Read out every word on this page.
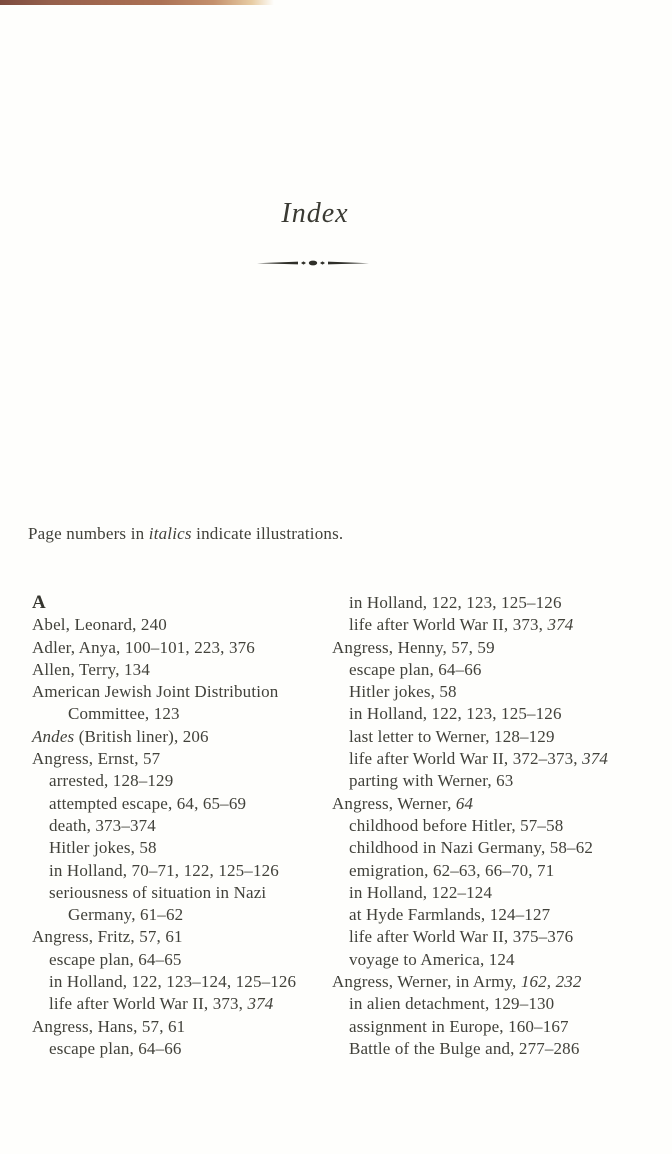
Index

Page numbers in italics indicate illustrations.

A
Abel, Leonard, 240
Adler, Anya, 100–101, 223, 376
Allen, Terry, 134
American Jewish Joint Distribution
Committee, 123
Andes (British liner), 206
Angress, Ernst, 57
arrested, 128–129
attempted escape, 64, 65–69
death, 373–374
Hitler jokes, 58
in Holland, 70–71, 122, 125–126
seriousness of situation in Nazi
Germany, 61–62
Angress, Fritz, 57, 61
escape plan, 64–65
in Holland, 122, 123–124, 125–126
life after World War II, 373, 374
Angress, Hans, 57, 61
escape plan, 64–66
in Holland, 122, 123, 125–126
life after World War II, 373, 374
Angress, Henny, 57, 59
escape plan, 64–66
Hitler jokes, 58
in Holland, 122, 123, 125–126
last letter to Werner, 128–129
life after World War II, 372–373, 374
parting with Werner, 63
Angress, Werner, 64
childhood before Hitler, 57–58
childhood in Nazi Germany, 58–62
emigration, 62–63, 66–70, 71
in Holland, 122–124
at Hyde Farmlands, 124–127
life after World War II, 375–376
voyage to America, 124
Angress, Werner, in Army, 162, 232
in alien detachment, 129–130
assignment in Europe, 160–167
Battle of the Bulge and, 277–286
